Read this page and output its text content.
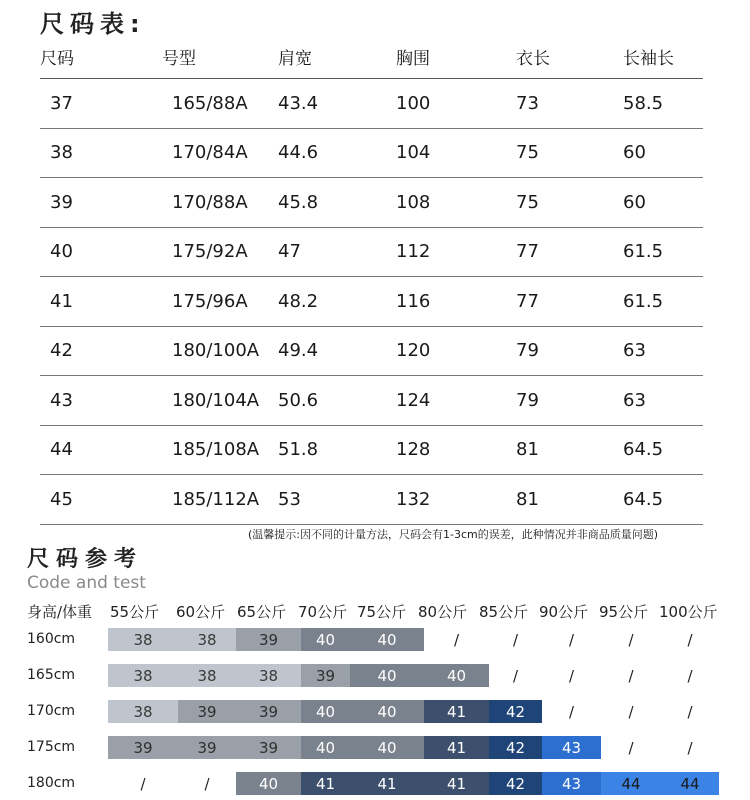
尺码表:
尺码	号型	肩宽	胸围	衣长	长袖长
37	165/88A 43.4	100	73	58.5
38	170/84A 44.6	104	75	60
39	170/88A 45.8	108	75	60
40	175/92A 47	112	77	61.5
41	175/96A 48.2	116	77	61.5
42	180/100A 49.4	120	79	63
43	180/104A 50.6	124	79	63
44	185/108A 51.8	128	81	64.5
45	185/112A 53	132	81	64.5
(温馨提示:因不同的计量方法，尺码会有1-3cm的误差，此种情况并非商品质量问题)
尺码参考
Code and test
身高/体重 55公斤 60公斤 65公斤 70公斤 75公斤 80公斤 85公斤 90公斤 95公斤 100公斤
160cm	38	38	39	40	40	/	/	/	/	/
165cm	38	38	38	39	40	40	/	/	/	/
170cm	38	39	39	40	40	41	42	/	/	/
175cm	39	39	39	40	40	41	42	43	/	/
180cm	/	/	40	41	41	41	42	43	44	44
